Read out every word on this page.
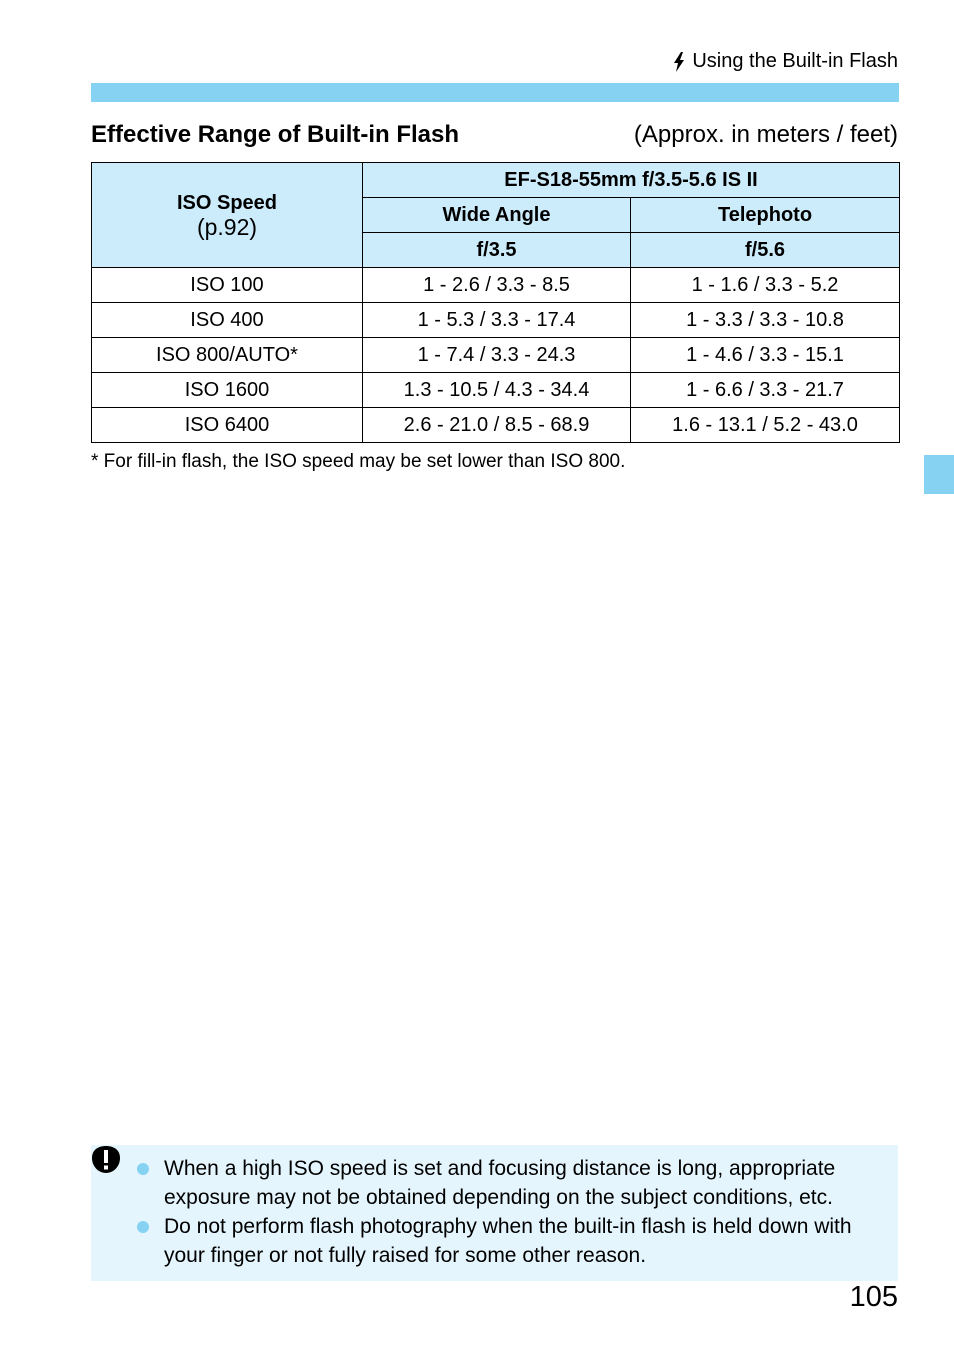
Using the Built-in Flash
Effective Range of Built-in Flash	(Approx. in meters / feet)
ISO Speed
(p.92)	EF-S18-55mm f/3.5-5.6 IS II	
	Wide Angle	Telephoto
	f/3.5	f/5.6
ISO 100	1 - 2.6 / 3.3 - 8.5	1 - 1.6 / 3.3 - 5.2
ISO 400	1 - 5.3 / 3.3 - 17.4	1 - 3.3 / 3.3 - 10.8
ISO 800/AUTO*	1 - 7.4 / 3.3 - 24.3	1 - 4.6 / 3.3 - 15.1
ISO 1600	1.3 - 10.5 / 4.3 - 34.4	1 - 6.6 / 3.3 - 21.7
ISO 6400	2.6 - 21.0 / 8.5 - 68.9	1.6 - 13.1 / 5.2 - 43.0
* For fill-in flash, the ISO speed may be set lower than ISO 800.
When a high ISO speed is set and focusing distance is long, appropriate exposure may not be obtained depending on the subject conditions, etc.
Do not perform flash photography when the built-in flash is held down with your finger or not fully raised for some other reason.
105
